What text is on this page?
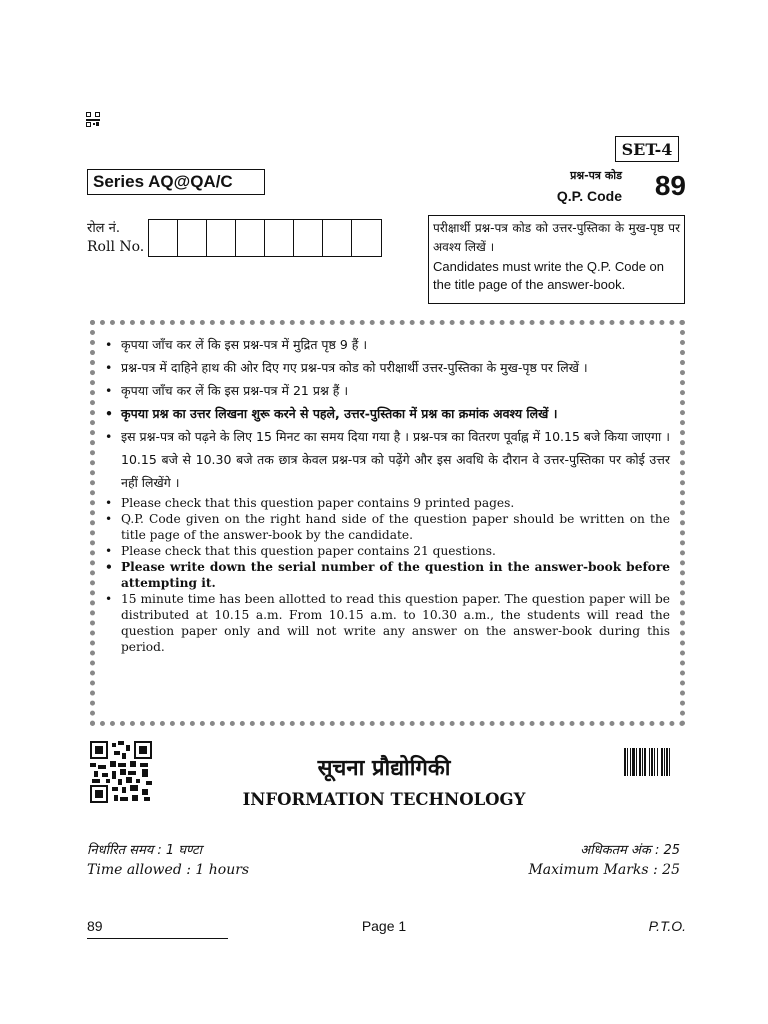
SET-4
Series AQ@QA/C	प्रश्न-पत्र कोड
Q.P. Code	89
रोल नं.
Roll No.
परीक्षार्थी प्रश्न-पत्र कोड को उत्तर-पुस्तिका के मुख-पृष्ठ पर अवश्य लिखें ।
Candidates must write the Q.P. Code on the title page of the answer-book.
• कृपया जाँच कर लें कि इस प्रश्न-पत्र में मुद्रित पृष्ठ 9 हैं ।
• प्रश्न-पत्र में दाहिने हाथ की ओर दिए गए प्रश्न-पत्र कोड को परीक्षार्थी उत्तर-पुस्तिका के मुख-पृष्ठ पर लिखें ।
• कृपया जाँच कर लें कि इस प्रश्न-पत्र में 21 प्रश्न हैं ।
• कृपया प्रश्न का उत्तर लिखना शुरू करने से पहले, उत्तर-पुस्तिका में प्रश्न का क्रमांक अवश्य लिखें ।
• इस प्रश्न-पत्र को पढ़ने के लिए 15 मिनट का समय दिया गया है । प्रश्न-पत्र का वितरण पूर्वाह्न में 10.15 बजे किया जाएगा । 10.15 बजे से 10.30 बजे तक छात्र केवल प्रश्न-पत्र को पढ़ेंगे और इस अवधि के दौरान वे उत्तर-पुस्तिका पर कोई उत्तर नहीं लिखेंगे ।
• Please check that this question paper contains 9 printed pages.
• Q.P. Code given on the right hand side of the question paper should be written on the title page of the answer-book by the candidate.
• Please check that this question paper contains 21 questions.
• Please write down the serial number of the question in the answer-book before attempting it.
• 15 minute time has been allotted to read this question paper. The question paper will be distributed at 10.15 a.m. From 10.15 a.m. to 10.30 a.m., the students will read the question paper only and will not write any answer on the answer-book during this period.
सूचना प्रौद्योगिकी
INFORMATION TECHNOLOGY
निर्धारित समय : 1 घण्टा
Time allowed : 1 hours
अधिकतम अंक : 25
Maximum Marks : 25
89	Page 1	P.T.O.
